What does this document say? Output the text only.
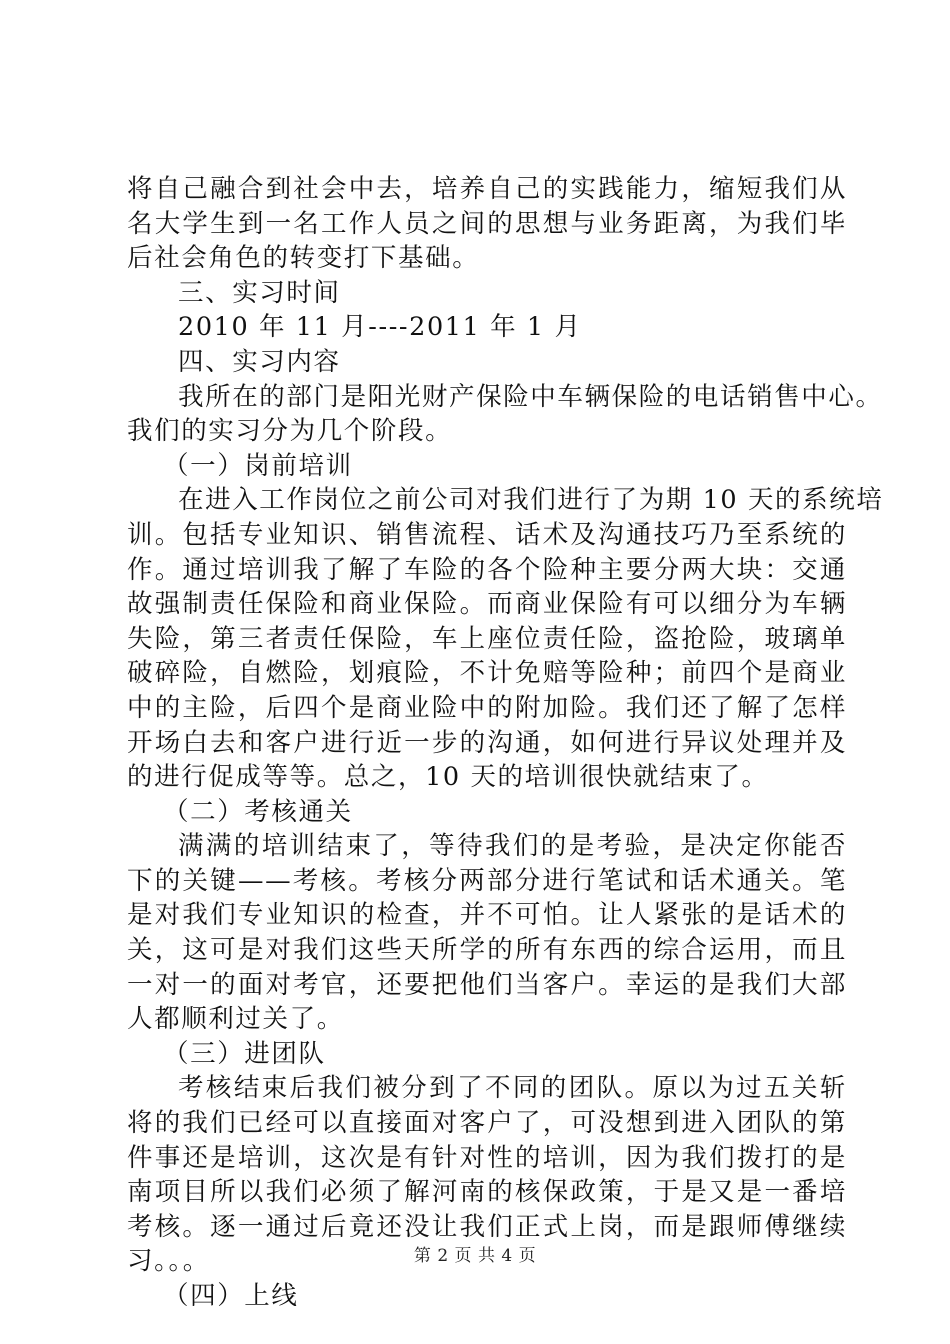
将自己融合到社会中去，培养自己的实践能力，缩短我们从
名大学生到一名工作人员之间的思想与业务距离，为我们毕
后社会角色的转变打下基础。
三、实习时间
2010 年 11 月----2011 年 1 月
四、实习内容
我所在的部门是阳光财产保险中车辆保险的电话销售中心。
我们的实习分为几个阶段。
（一）岗前培训
在进入工作岗位之前公司对我们进行了为期 10 天的系统培
训。包括专业知识、销售流程、话术及沟通技巧乃至系统的
作。通过培训我了解了车险的各个险种主要分两大块：交通
故强制责任保险和商业保险。而商业保险有可以细分为车辆
失险，第三者责任保险，车上座位责任险，盗抢险，玻璃单
破碎险，自燃险，划痕险，不计免赔等险种；前四个是商业
中的主险，后四个是商业险中的附加险。我们还了解了怎样
开场白去和客户进行近一步的沟通，如何进行异议处理并及
的进行促成等等。总之，10 天的培训很快就结束了。
（二）考核通关
满满的培训结束了，等待我们的是考验，是决定你能否
下的关键——考核。考核分两部分进行笔试和话术通关。笔
是对我们专业知识的检查，并不可怕。让人紧张的是话术的
关，这可是对我们这些天所学的所有东西的综合运用，而且
一对一的面对考官，还要把他们当客户。幸运的是我们大部
人都顺利过关了。
（三）进团队
考核结束后我们被分到了不同的团队。原以为过五关斩
将的我们已经可以直接面对客户了，可没想到进入团队的第
件事还是培训，这次是有针对性的培训，因为我们拨打的是
南项目所以我们必须了解河南的核保政策，于是又是一番培
考核。逐一通过后竟还没让我们正式上岗，而是跟师傅继续
习。。。
（四）上线
第 2 页 共 4 页
